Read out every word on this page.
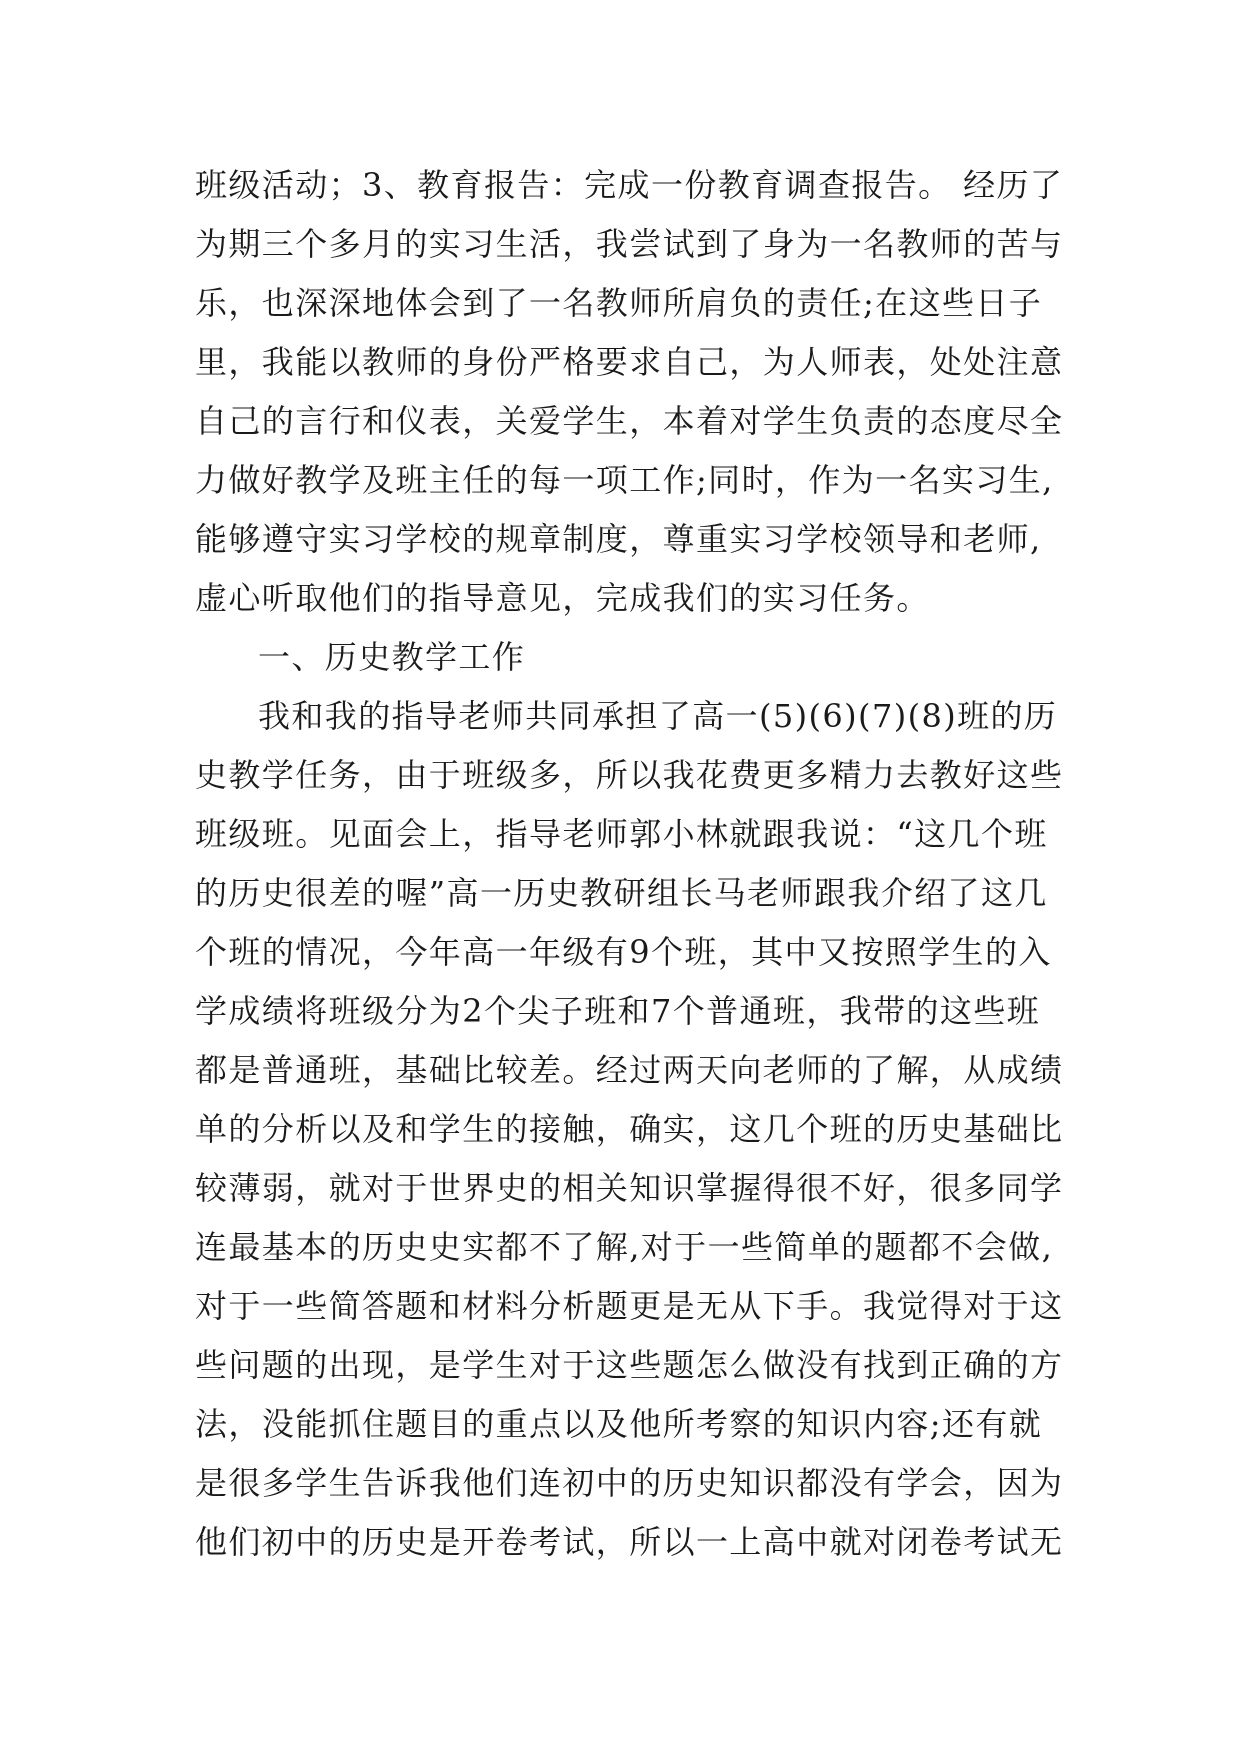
班级活动；3、教育报告：完成一份教育调查报告。 经历了
为期三个多月的实习生活，我尝试到了身为一名教师的苦与
乐，也深深地体会到了一名教师所肩负的责任;在这些日子
里，我能以教师的身份严格要求自己，为人师表，处处注意
自己的言行和仪表，关爱学生，本着对学生负责的态度尽全
力做好教学及班主任的每一项工作;同时，作为一名实习生,
能够遵守实习学校的规章制度，尊重实习学校领导和老师,
虚心听取他们的指导意见，完成我们的实习任务。
一、历史教学工作
我和我的指导老师共同承担了高一(5)(6)(7)(8)班的历
史教学任务，由于班级多，所以我花费更多精力去教好这些
班级班。见面会上，指导老师郭小林就跟我说：“这几个班
的历史很差的喔”高一历史教研组长马老师跟我介绍了这几
个班的情况，今年高一年级有9个班，其中又按照学生的入
学成绩将班级分为2个尖子班和7个普通班，我带的这些班
都是普通班，基础比较差。经过两天向老师的了解，从成绩
单的分析以及和学生的接触，确实，这几个班的历史基础比
较薄弱，就对于世界史的相关知识掌握得很不好，很多同学
连最基本的历史史实都不了解,对于一些简单的题都不会做,
对于一些简答题和材料分析题更是无从下手。我觉得对于这
些问题的出现，是学生对于这些题怎么做没有找到正确的方
法，没能抓住题目的重点以及他所考察的知识内容;还有就
是很多学生告诉我他们连初中的历史知识都没有学会，因为
他们初中的历史是开卷考试，所以一上高中就对闭卷考试无
